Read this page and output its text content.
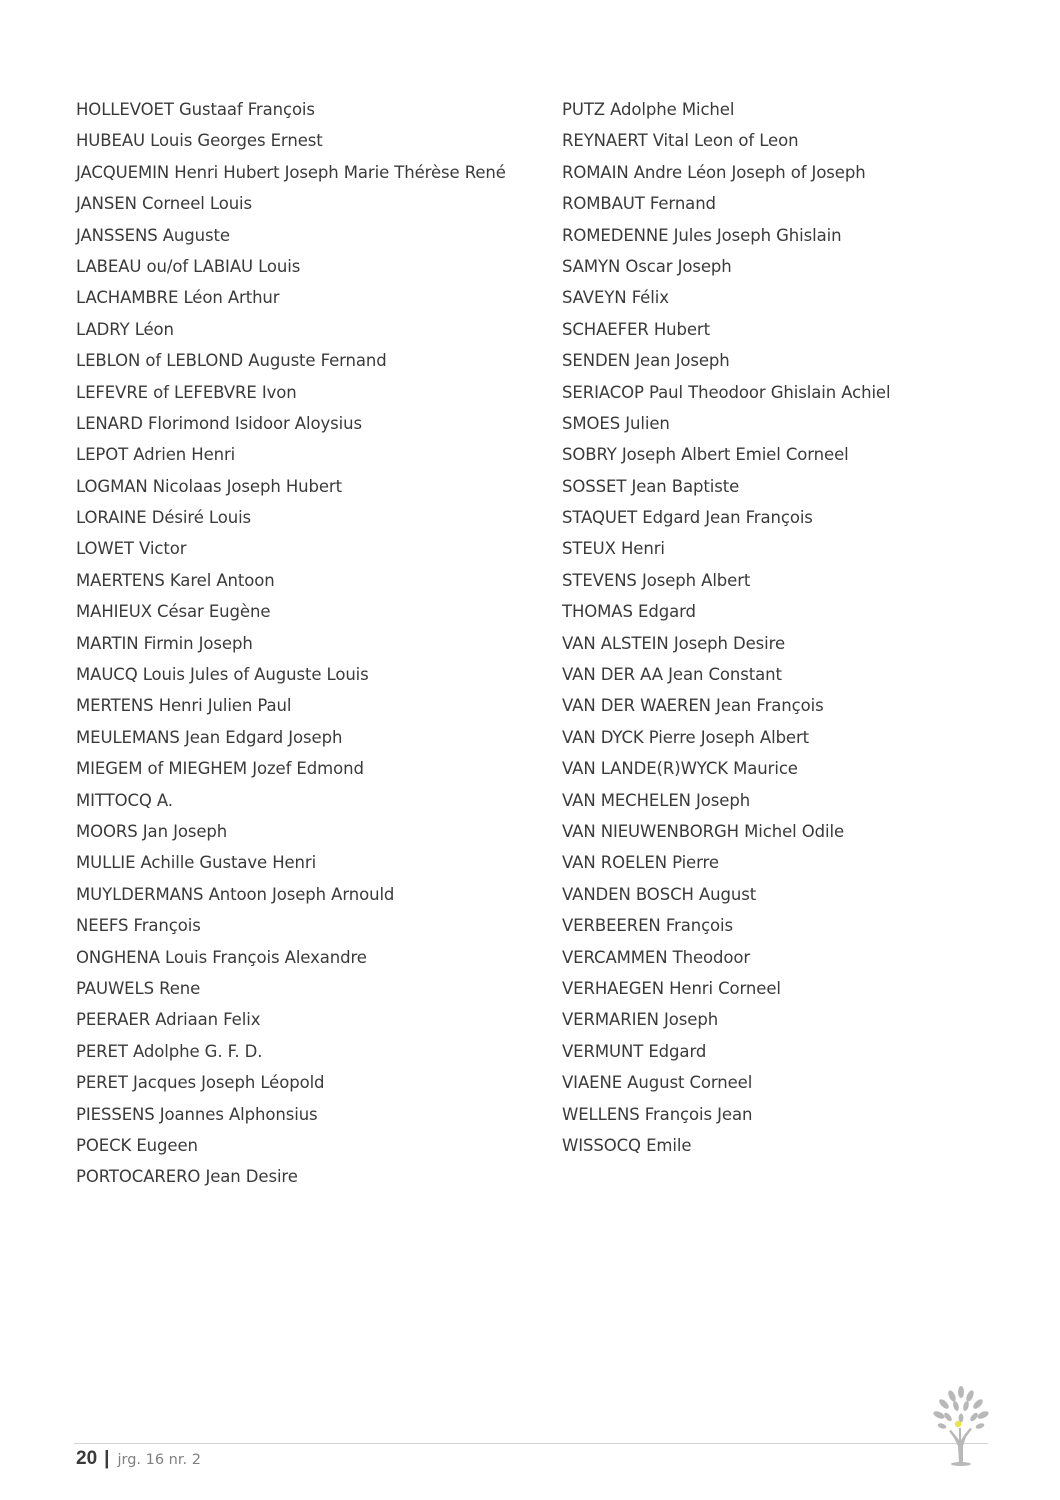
HOLLEVOET Gustaaf François
HUBEAU Louis Georges Ernest
JACQUEMIN Henri Hubert Joseph Marie Thérèse René
JANSEN Corneel Louis
JANSSENS Auguste
LABEAU ou/of LABIAU Louis
LACHAMBRE Léon Arthur
LADRY Léon
LEBLON of LEBLOND Auguste Fernand
LEFEVRE of LEFEBVRE Ivon
LENARD Florimond Isidoor Aloysius
LEPOT Adrien Henri
LOGMAN Nicolaas Joseph Hubert
LORAINE Désiré Louis
LOWET Victor
MAERTENS Karel Antoon
MAHIEUX César Eugène
MARTIN Firmin Joseph
MAUCQ Louis Jules of Auguste Louis
MERTENS Henri Julien Paul
MEULEMANS Jean Edgard Joseph
MIEGEM of MIEGHEM Jozef Edmond
MITTOCQ A.
MOORS Jan Joseph
MULLIE Achille Gustave Henri
MUYLDERMANS Antoon Joseph Arnould
NEEFS François
ONGHENA Louis François Alexandre
PAUWELS Rene
PEERAER Adriaan Felix
PERET Adolphe G. F. D.
PERET Jacques Joseph Léopold
PIESSENS Joannes Alphonsius
POECK Eugeen
PORTOCARERO Jean Desire
PUTZ Adolphe Michel
REYNAERT Vital Leon of Leon
ROMAIN Andre Léon Joseph of Joseph
ROMBAUT Fernand
ROMEDENNE Jules Joseph Ghislain
SAMYN Oscar Joseph
SAVEYN Félix
SCHAEFER Hubert
SENDEN Jean Joseph
SERIACOP Paul Theodoor Ghislain Achiel
SMOES Julien
SOBRY Joseph Albert Emiel Corneel
SOSSET Jean Baptiste
STAQUET Edgard Jean François
STEUX Henri
STEVENS Joseph Albert
THOMAS Edgard
VAN ALSTEIN Joseph Desire
VAN DER AA Jean Constant
VAN DER WAEREN Jean François
VAN DYCK Pierre Joseph Albert
VAN LANDE(R)WYCK Maurice
VAN MECHELEN Joseph
VAN NIEUWENBORGH Michel Odile
VAN ROELEN Pierre
VANDEN BOSCH August
VERBEEREN François
VERCAMMEN Theodoor
VERHAEGEN Henri Corneel
VERMARIEN Joseph
VERMUNT Edgard
VIAENE August Corneel
WELLENS François Jean
WISSOCQ Emile
20 | jrg. 16 nr. 2
